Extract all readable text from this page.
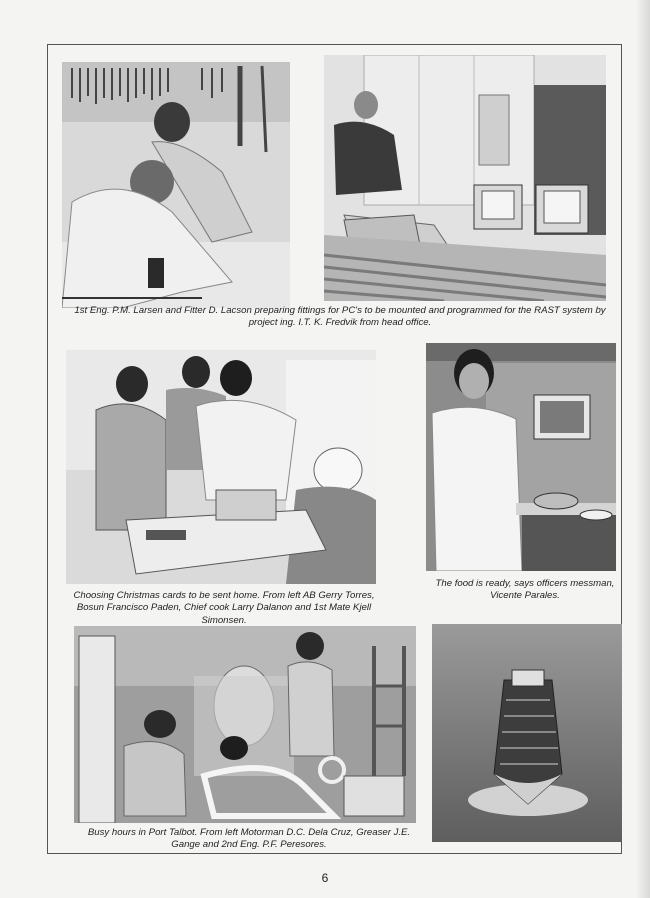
1st Eng. P.M. Larsen and Fitter D. Lacson preparing fittings for PC's to be mounted and programmed for the RAST system by project ing. I.T. K. Fredvik from head office.

Choosing Christmas cards to be sent home. From left AB Gerry Torres, Bosun Francisco Paden, Chief cook Larry Dalanon and 1st Mate Kjell Simonsen.

The food is ready, says officers messman, Vicente Parales.

Busy hours in Port Talbot. From left Motorman D.C. Dela Cruz, Greaser J.E. Gange and 2nd Eng. P.F. Peresores.

6
